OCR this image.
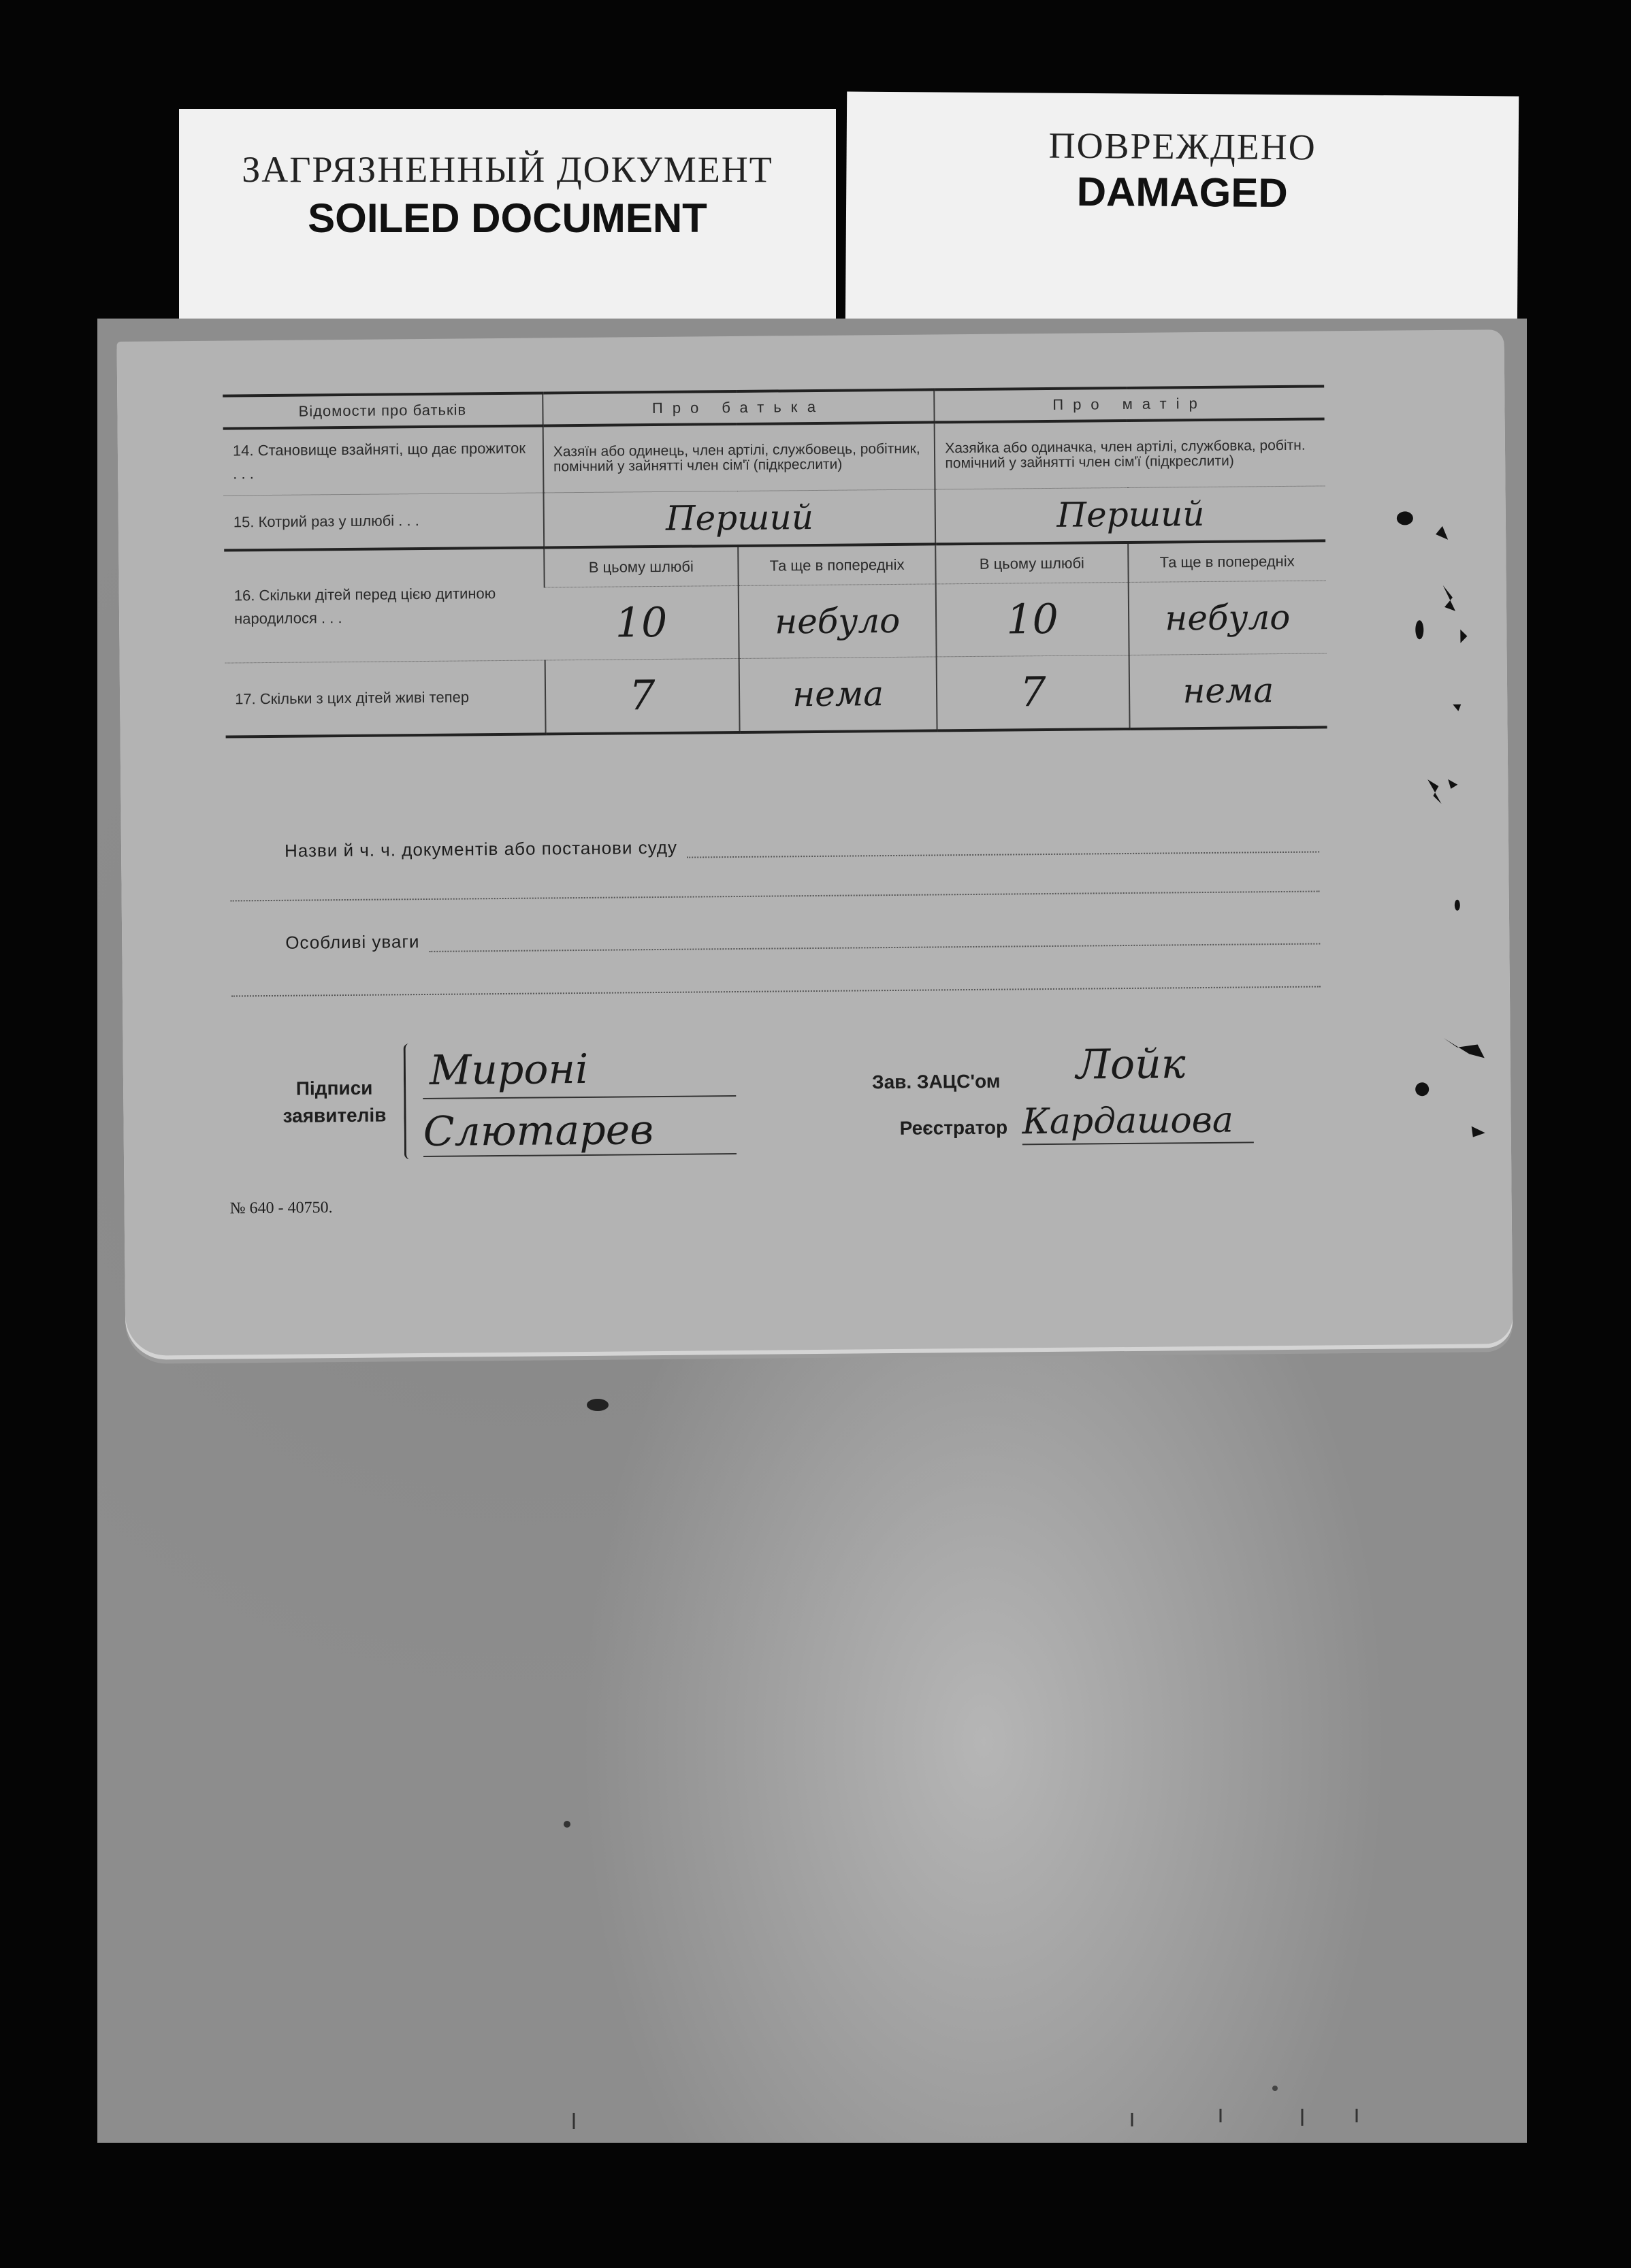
ЗАГРЯЗНЕННЫЙ ДОКУМЕНТ
SOILED DOCUMENT
ПОВРЕЖДЕНО
DAMAGED
Відомости про батьків	Про батька		Про матір	
14. Становище взайняті, що дає прожиток . . .	Хазяїн або одинець, член артілі, службовець, робітник, помічний у зайнятті член сім'ї (підкреслити)		Хазяйка або одиначка, член артілі, службовка, робітн. помічний у зайнятті член сім'ї (підкреслити)	
15. Котрий раз у шлюбі . . .	Перший		Перший	
16. Скільки дітей перед цією дитиною народилося . . .	В цьому шлюбі	Та ще в попередніх	В цьому шлюбі	Та ще в попередніх
	10	небуло	10	небуло
17. Скільки з цих дітей живі тепер	7	нема	7	нема
Назви й ч. ч. документів або постанови суду
Особливі уваги
Підписи заявителів
Мироні
Слютарев
Зав. ЗАЦС'ом Лойк
Реєстратор Кардашова
№ 640 - 40750.
